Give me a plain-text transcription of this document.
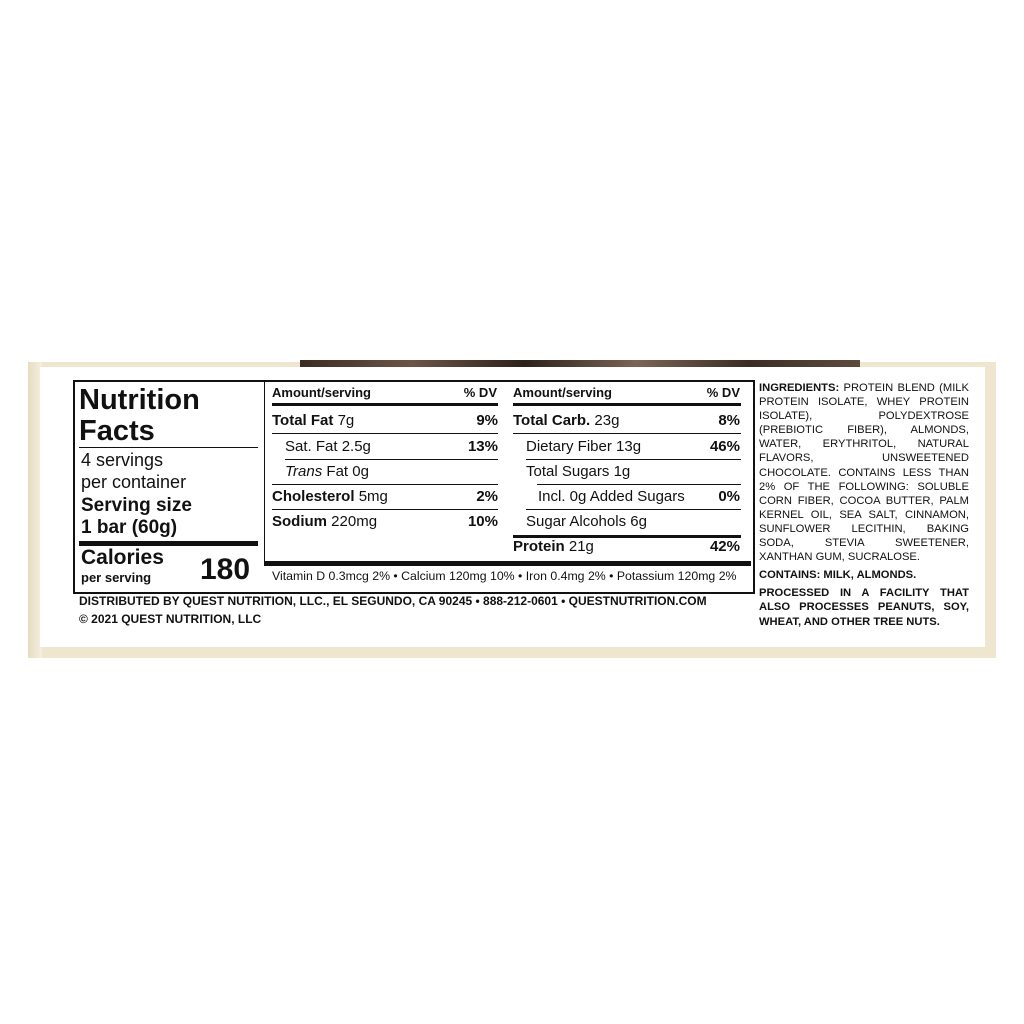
Nutrition
Facts
4 servings
per container
Serving size
1 bar (60g)
Calories
per serving 180
Amount/serving	% DV
Total Fat 7g	9%
Sat. Fat 2.5g	13%
Trans Fat 0g
Cholesterol 5mg	2%
Sodium 220mg	10%
Amount/serving	% DV
Total Carb. 23g	8%
Dietary Fiber 13g	46%
Total Sugars 1g
Incl. 0g Added Sugars	0%
Sugar Alcohols 6g
Protein 21g	42%
Vitamin D 0.3mcg 2% • Calcium 120mg 10% • Iron 0.4mg 2% • Potassium 120mg 2%

INGREDIENTS: PROTEIN BLEND (MILK PROTEIN ISOLATE, WHEY PROTEIN ISOLATE), POLYDEXTROSE (PREBIOTIC FIBER), ALMONDS, WATER, ERYTHRITOL, NATURAL FLAVORS, UNSWEETENED CHOCOLATE. CONTAINS LESS THAN 2% OF THE FOLLOWING: SOLUBLE CORN FIBER, COCOA BUTTER, PALM KERNEL OIL, SEA SALT, CINNAMON, SUNFLOWER LECITHIN, BAKING SODA, STEVIA SWEETENER, XANTHAN GUM, SUCRALOSE.

CONTAINS: MILK, ALMONDS.

PROCESSED IN A FACILITY THAT ALSO PROCESSES PEANUTS, SOY, WHEAT, AND OTHER TREE NUTS.

DISTRIBUTED BY QUEST NUTRITION, LLC., EL SEGUNDO, CA 90245 • 888-212-0601 • QUESTNUTRITION.COM
© 2021 QUEST NUTRITION, LLC
